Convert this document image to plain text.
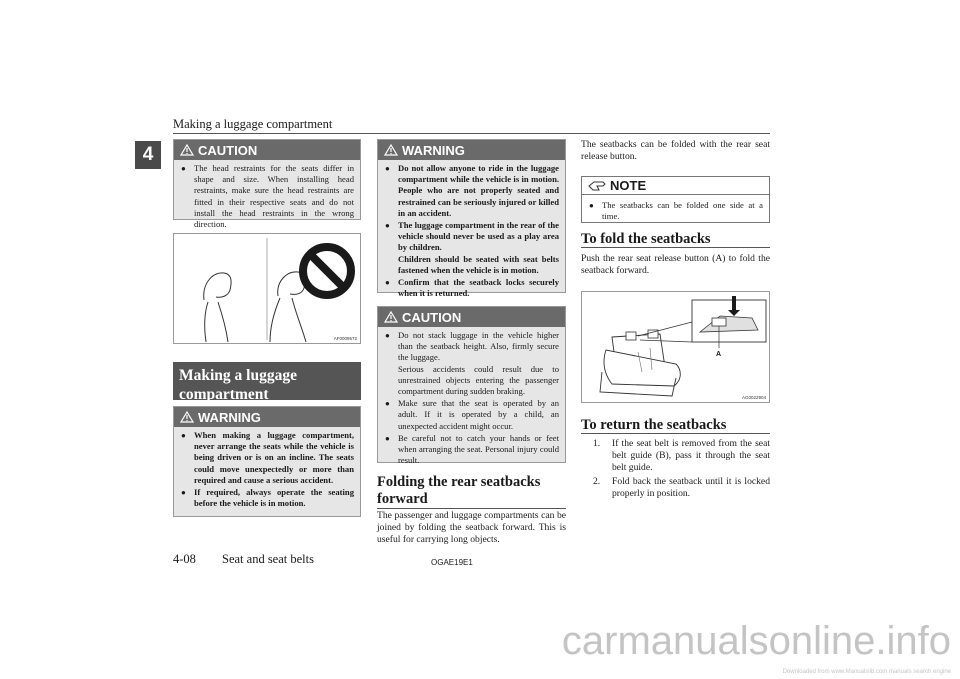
Making a luggage compartment
4	CAUTION
● The head restraints for the seats differ in shape and size. When installing head restraints, make sure the head restraints are fitted in their respective seats and do not install the head restraints in the wrong direction.
AF0009572
Making a luggage compartment
WARNING
● When making a luggage compartment, never arrange the seats while the vehicle is being driven or is on an incline. The seats could move unexpectedly or more than required and cause a serious accident.
● If required, always operate the seating before the vehicle is in motion.
WARNING
● Do not allow anyone to ride in the luggage compartment while the vehicle is in motion. People who are not properly seated and restrained can be seriously injured or killed in an accident.
● The luggage compartment in the rear of the vehicle should never be used as a play area by children.
Children should be seated with seat belts fastened when the vehicle is in motion.
● Confirm that the seatback locks securely when it is returned.
CAUTION
● Do not stack luggage in the vehicle higher than the seatback height. Also, firmly secure the luggage.
Serious accidents could result due to unrestrained objects entering the passenger compartment during sudden braking.
● Make sure that the seat is operated by an adult. If it is operated by a child, an unexpected accident might occur.
● Be careful not to catch your hands or feet when arranging the seat. Personal injury could result.
Folding the rear seatbacks forward
The passenger and luggage compartments can be joined by folding the seatback forward. This is useful for carrying long objects.
The seatbacks can be folded with the rear seat release button.
NOTE
● The seatbacks can be folded one side at a time.
To fold the seatbacks
Push the rear seat release button (A) to fold the seatback forward.
A
AG0022904
To return the seatbacks
1. If the seat belt is removed from the seat belt guide (B), pass it through the seat belt guide.
2. Fold back the seatback until it is locked properly in position.
4-08 Seat and seat belts	OGAE19E1
carmanualsonline.info
Downloaded from www.Manualslib.com manuals search engine
